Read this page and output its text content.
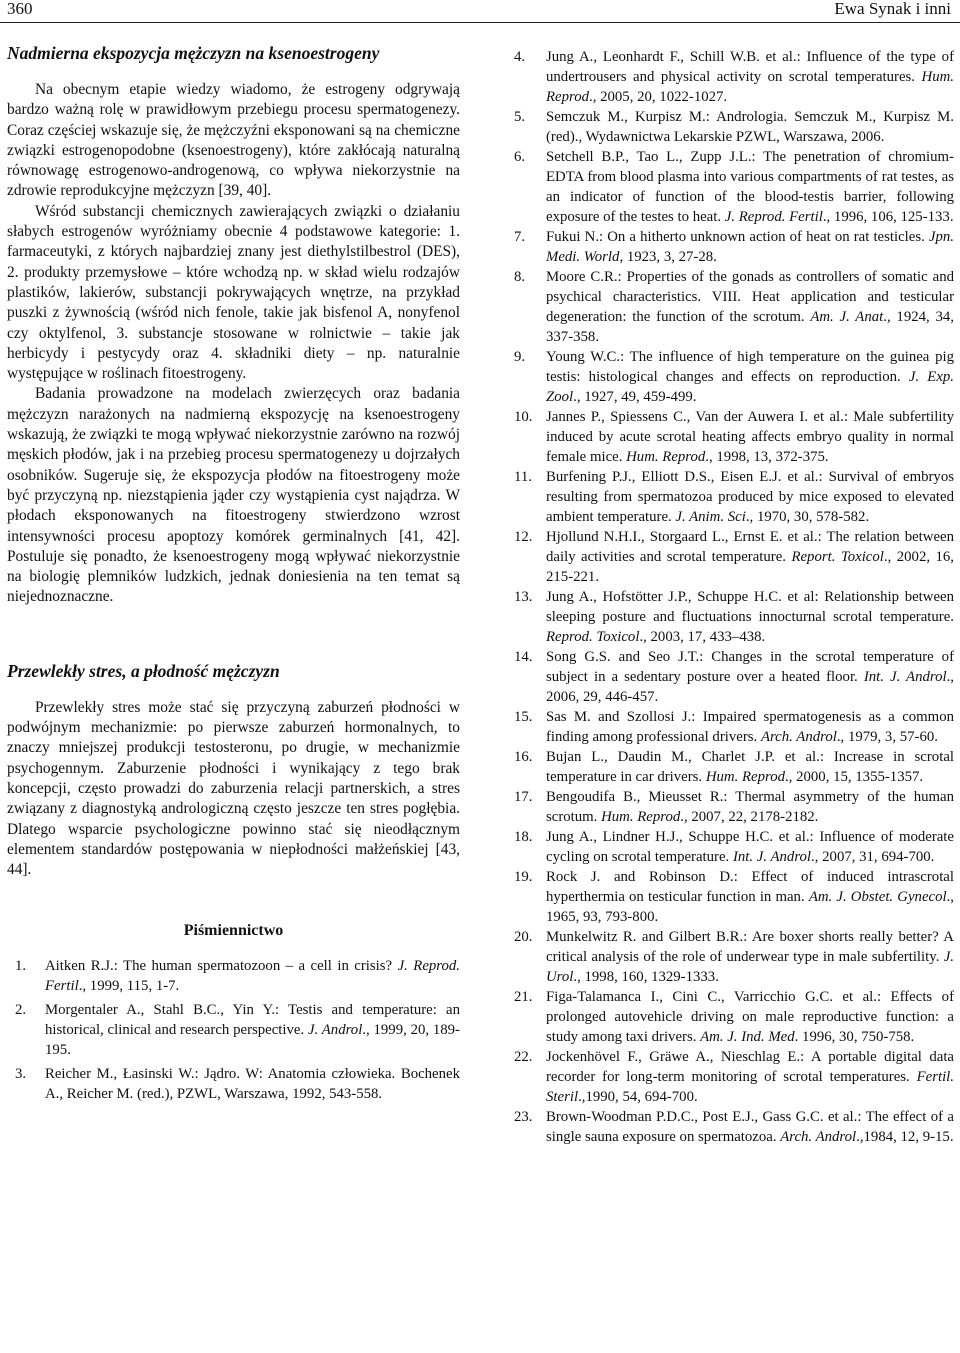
360	Ewa Synak i inni
Nadmierna ekspozycja mężczyzn na ksenoestrogeny

Na obecnym etapie wiedzy wiadomo, że estrogeny odgrywają bardzo ważną rolę w prawidłowym przebiegu procesu spermatogenezy. Coraz częściej wskazuje się, że mężczyźni eksponowani są na chemiczne związki estrogenopodobne (ksenoestrogeny), które zakłócają naturalną równowagę estrogenowo-androgenową, co wpływa niekorzystnie na zdrowie reprodukcyjne mężczyzn [39, 40].

Wśród substancji chemicznych zawierających związki o działaniu słabych estrogenów wyróżniamy obecnie 4 podstawowe kategorie: 1. farmaceutyki, z których najbardziej znany jest diethylstilbestrol (DES), 2. produkty przemysłowe – które wchodzą np. w skład wielu rodzajów plastików, lakierów, substancji pokrywających wnętrze, na przykład puszki z żywnością (wśród nich fenole, takie jak bisfenol A, nonyfenol czy oktylfenol, 3. substancje stosowane w rolnictwie – takie jak herbicydy i pestycydy oraz 4. składniki diety – np. naturalnie występujące w roślinach fitoestrogeny.

Badania prowadzone na modelach zwierzęcych oraz badania mężczyzn narażonych na nadmierną ekspozycję na ksenoestrogeny wskazują, że związki te mogą wpływać niekorzystnie zarówno na rozwój męskich płodów, jak i na przebieg procesu spermatogenezy u dojrzałych osobników. Sugeruje się, że ekspozycja płodów na fitoestrogeny może być przyczyną np. niezstąpienia jąder czy wystąpienia cyst najądrza. W płodach eksponowanych na fitoestrogeny stwierdzono wzrost intensywności procesu apoptozy komórek germinalnych [41, 42]. Postuluje się ponadto, że ksenoestrogeny mogą wpływać niekorzystnie na biologię plemników ludzkich, jednak doniesienia na ten temat są niejednoznaczne.

Przewlekły stres, a płodność mężczyzn

Przewlekły stres może stać się przyczyną zaburzeń płodności w podwójnym mechanizmie: po pierwsze zaburzeń hormonalnych, to znaczy mniejszej produkcji testosteronu, po drugie, w mechanizmie psychogennym. Zaburzenie płodności i wynikający z tego brak koncepcji, często prowadzi do zaburzenia relacji partnerskich, a stres związany z diagnostyką andrologiczną często jeszcze ten stres pogłębia. Dlatego wsparcie psychologiczne powinno stać się nieodłącznym elementem standardów postępowania w niepłodności małżeńskiej [43, 44].

Piśmiennictwo
1. Aitken R.J.: The human spermatozoon – a cell in crisis? J. Reprod. Fertil., 1999, 115, 1-7.
2. Morgentaler A., Stahl B.C., Yin Y.: Testis and temperature: an historical, clinical and research perspective. J. Androl., 1999, 20, 189-195.
3. Reicher M., Łasinski W.: Jądro. W: Anatomia człowieka. Bochenek A., Reicher M. (red.), PZWL, Warszawa, 1992, 543-558.
4. Jung A., Leonhardt F., Schill W.B. et al.: Influence of the type of undertrousers and physical activity on scrotal temperatures. Hum. Reprod., 2005, 20, 1022-1027.
5. Semczuk M., Kurpisz M.: Andrologia. Semczuk M., Kurpisz M. (red)., Wydawnictwa Lekarskie PZWL, Warszawa, 2006.
6. Setchell B.P., Tao L., Zupp J.L.: The penetration of chromium-EDTA from blood plasma into various compartments of rat testes, as an indicator of function of the blood-testis barrier, following exposure of the testes to heat. J. Reprod. Fertil., 1996, 106, 125-133.
7. Fukui N.: On a hitherto unknown action of heat on rat testicles. Jpn. Medi. World, 1923, 3, 27-28.
8. Moore C.R.: Properties of the gonads as controllers of somatic and psychical characteristics. VIII. Heat application and testicular degeneration: the function of the scrotum. Am. J. Anat., 1924, 34, 337-358.
9. Young W.C.: The influence of high temperature on the guinea pig testis: histological changes and effects on reproduction. J. Exp. Zool., 1927, 49, 459-499.
10. Jannes P., Spiessens C., Van der Auwera I. et al.: Male subfertility induced by acute scrotal heating affects embryo quality in normal female mice. Hum. Reprod., 1998, 13, 372-375.
11. Burfening P.J., Elliott D.S., Eisen E.J. et al.: Survival of embryos resulting from spermatozoa produced by mice exposed to elevated ambient temperature. J. Anim. Sci., 1970, 30, 578-582.
12. Hjollund N.H.I., Storgaard L., Ernst E. et al.: The relation between daily activities and scrotal temperature. Report. Toxicol., 2002, 16, 215-221.
13. Jung A., Hofstötter J.P., Schuppe H.C. et al: Relationship between sleeping posture and fluctuations innocturnal scrotal temperature. Reprod. Toxicol., 2003, 17, 433–438.
14. Song G.S. and Seo J.T.: Changes in the scrotal temperature of subject in a sedentary posture over a heated floor. Int. J. Androl., 2006, 29, 446-457.
15. Sas M. and Szollosi J.: Impaired spermatogenesis as a common finding among professional drivers. Arch. Androl., 1979, 3, 57-60.
16. Bujan L., Daudin M., Charlet J.P. et al.: Increase in scrotal temperature in car drivers. Hum. Reprod., 2000, 15, 1355-1357.
17. Bengoudifa B., Mieusset R.: Thermal asymmetry of the human scrotum. Hum. Reprod., 2007, 22, 2178-2182.
18. Jung A., Lindner H.J., Schuppe H.C. et al.: Influence of moderate cycling on scrotal temperature. Int. J. Androl., 2007, 31, 694-700.
19. Rock J. and Robinson D.: Effect of induced intrascrotal hyperthermia on testicular function in man. Am. J. Obstet. Gynecol., 1965, 93, 793-800.
20. Munkelwitz R. and Gilbert B.R.: Are boxer shorts really better? A critical analysis of the role of underwear type in male subfertility. J. Urol., 1998, 160, 1329-1333.
21. Figa-Talamanca I., Cini C., Varricchio G.C. et al.: Effects of prolonged autovehicle driving on male reproductive function: a study among taxi drivers. Am. J. Ind. Med. 1996, 30, 750-758.
22. Jockenhövel F., Gräwe A., Nieschlag E.: A portable digital data recorder for long-term monitoring of scrotal temperatures. Fertil. Steril.,1990, 54, 694-700.
23. Brown-Woodman P.D.C., Post E.J., Gass G.C. et al.: The effect of a single sauna exposure on spermatozoa. Arch. Androl.,1984, 12, 9-15.
